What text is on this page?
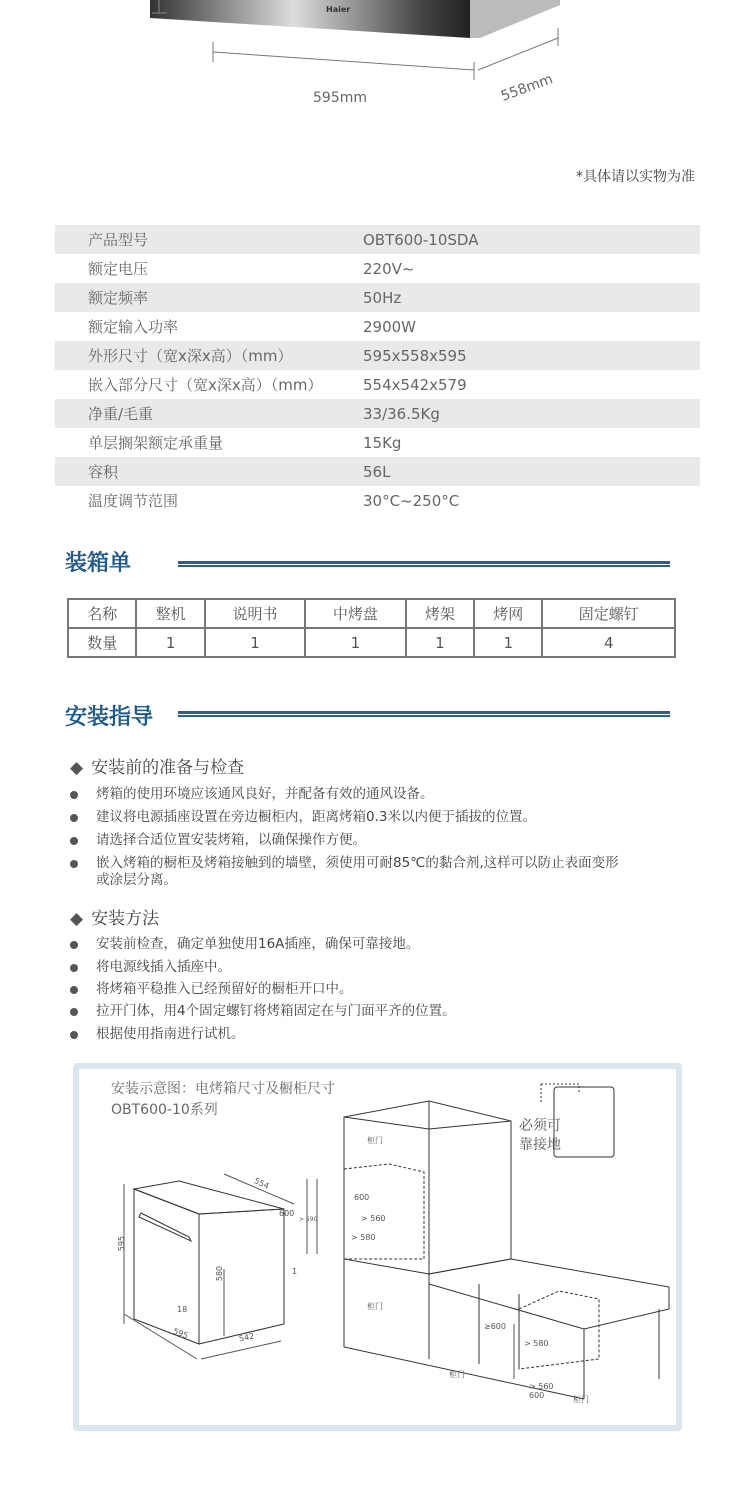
Haier
595mm	558mm
*具体请以实物为准
产品型号	OBT600-10SDA
额定电压	220V~
额定频率	50Hz
额定输入功率	2900W
外形尺寸（宽x深x高）（mm）	595x558x595
嵌入部分尺寸（宽x深x高）（mm）	554x542x579
净重/毛重	33/36.5Kg
单层搁架额定承重量	15Kg
容积	56L
温度调节范围	30°C~250°C
装箱单
名称	整机	说明书	中烤盘	烤架	烤网	固定螺钉
数量	1	1	1	1	1	4
安装指导
◆ 安装前的准备与检查
烤箱的使用环境应该通风良好，并配备有效的通风设备。
建议将电源插座设置在旁边橱柜内，距离烤箱0.3米以内便于插拔的位置。
请选择合适位置安装烤箱，以确保操作方便。
嵌入烤箱的橱柜及烤箱接触到的墙壁，须使用可耐85℃的黏合剂,这样可以防止表面变形或涂层分离。
◆ 安装方法
安装前检查，确定单独使用16A插座，确保可靠接地。
将电源线插入插座中。
将烤箱平稳推入已经预留好的橱柜开口中。
拉开门体，用4个固定螺钉将烤箱固定在与门面平齐的位置。
根据使用指南进行试机。
安装示意图：电烤箱尺寸及橱柜尺寸
OBT600-10系列
必须可
靠接地
柜门
柜门
柜门
柜门
595
554
580
18
595	542
600
> 590
600
> 560
> 580
1
≥600
> 580
> 560
600
